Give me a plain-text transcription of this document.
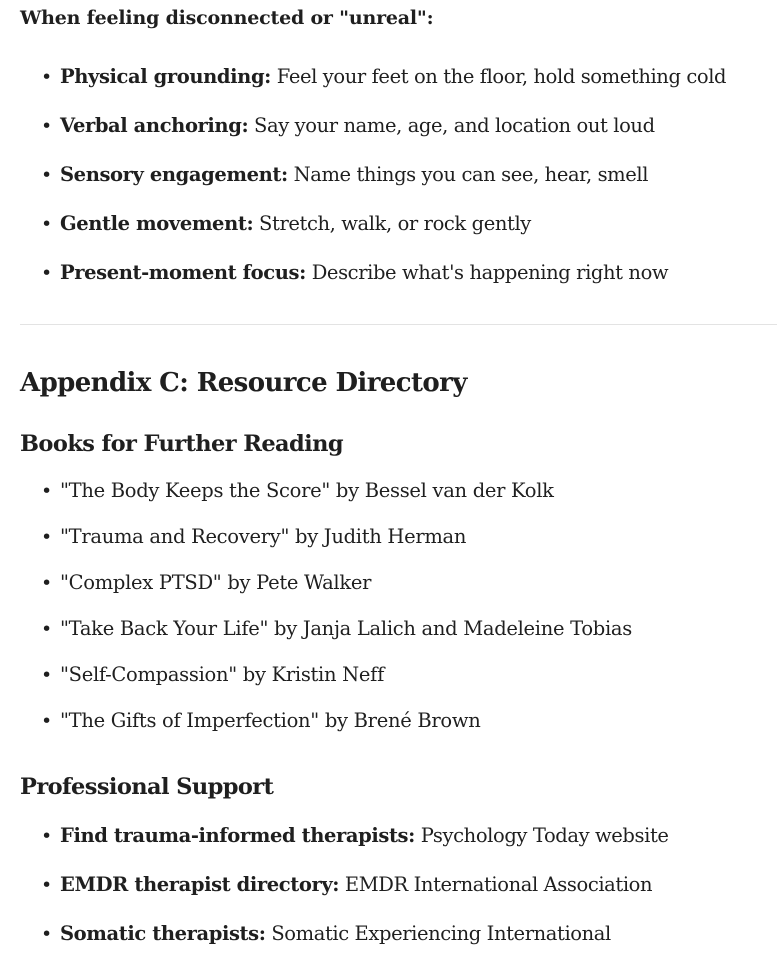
When feeling disconnected or "unreal":
• Physical grounding: Feel your feet on the floor, hold something cold
• Verbal anchoring: Say your name, age, and location out loud
• Sensory engagement: Name things you can see, hear, smell
• Gentle movement: Stretch, walk, or rock gently
• Present-moment focus: Describe what's happening right now
Appendix C: Resource Directory
Books for Further Reading
• "The Body Keeps the Score" by Bessel van der Kolk
• "Trauma and Recovery" by Judith Herman
• "Complex PTSD" by Pete Walker
• "Take Back Your Life" by Janja Lalich and Madeleine Tobias
• "Self-Compassion" by Kristin Neff
• "The Gifts of Imperfection" by Brené Brown
Professional Support
• Find trauma-informed therapists: Psychology Today website
• EMDR therapist directory: EMDR International Association
• Somatic therapists: Somatic Experiencing International
